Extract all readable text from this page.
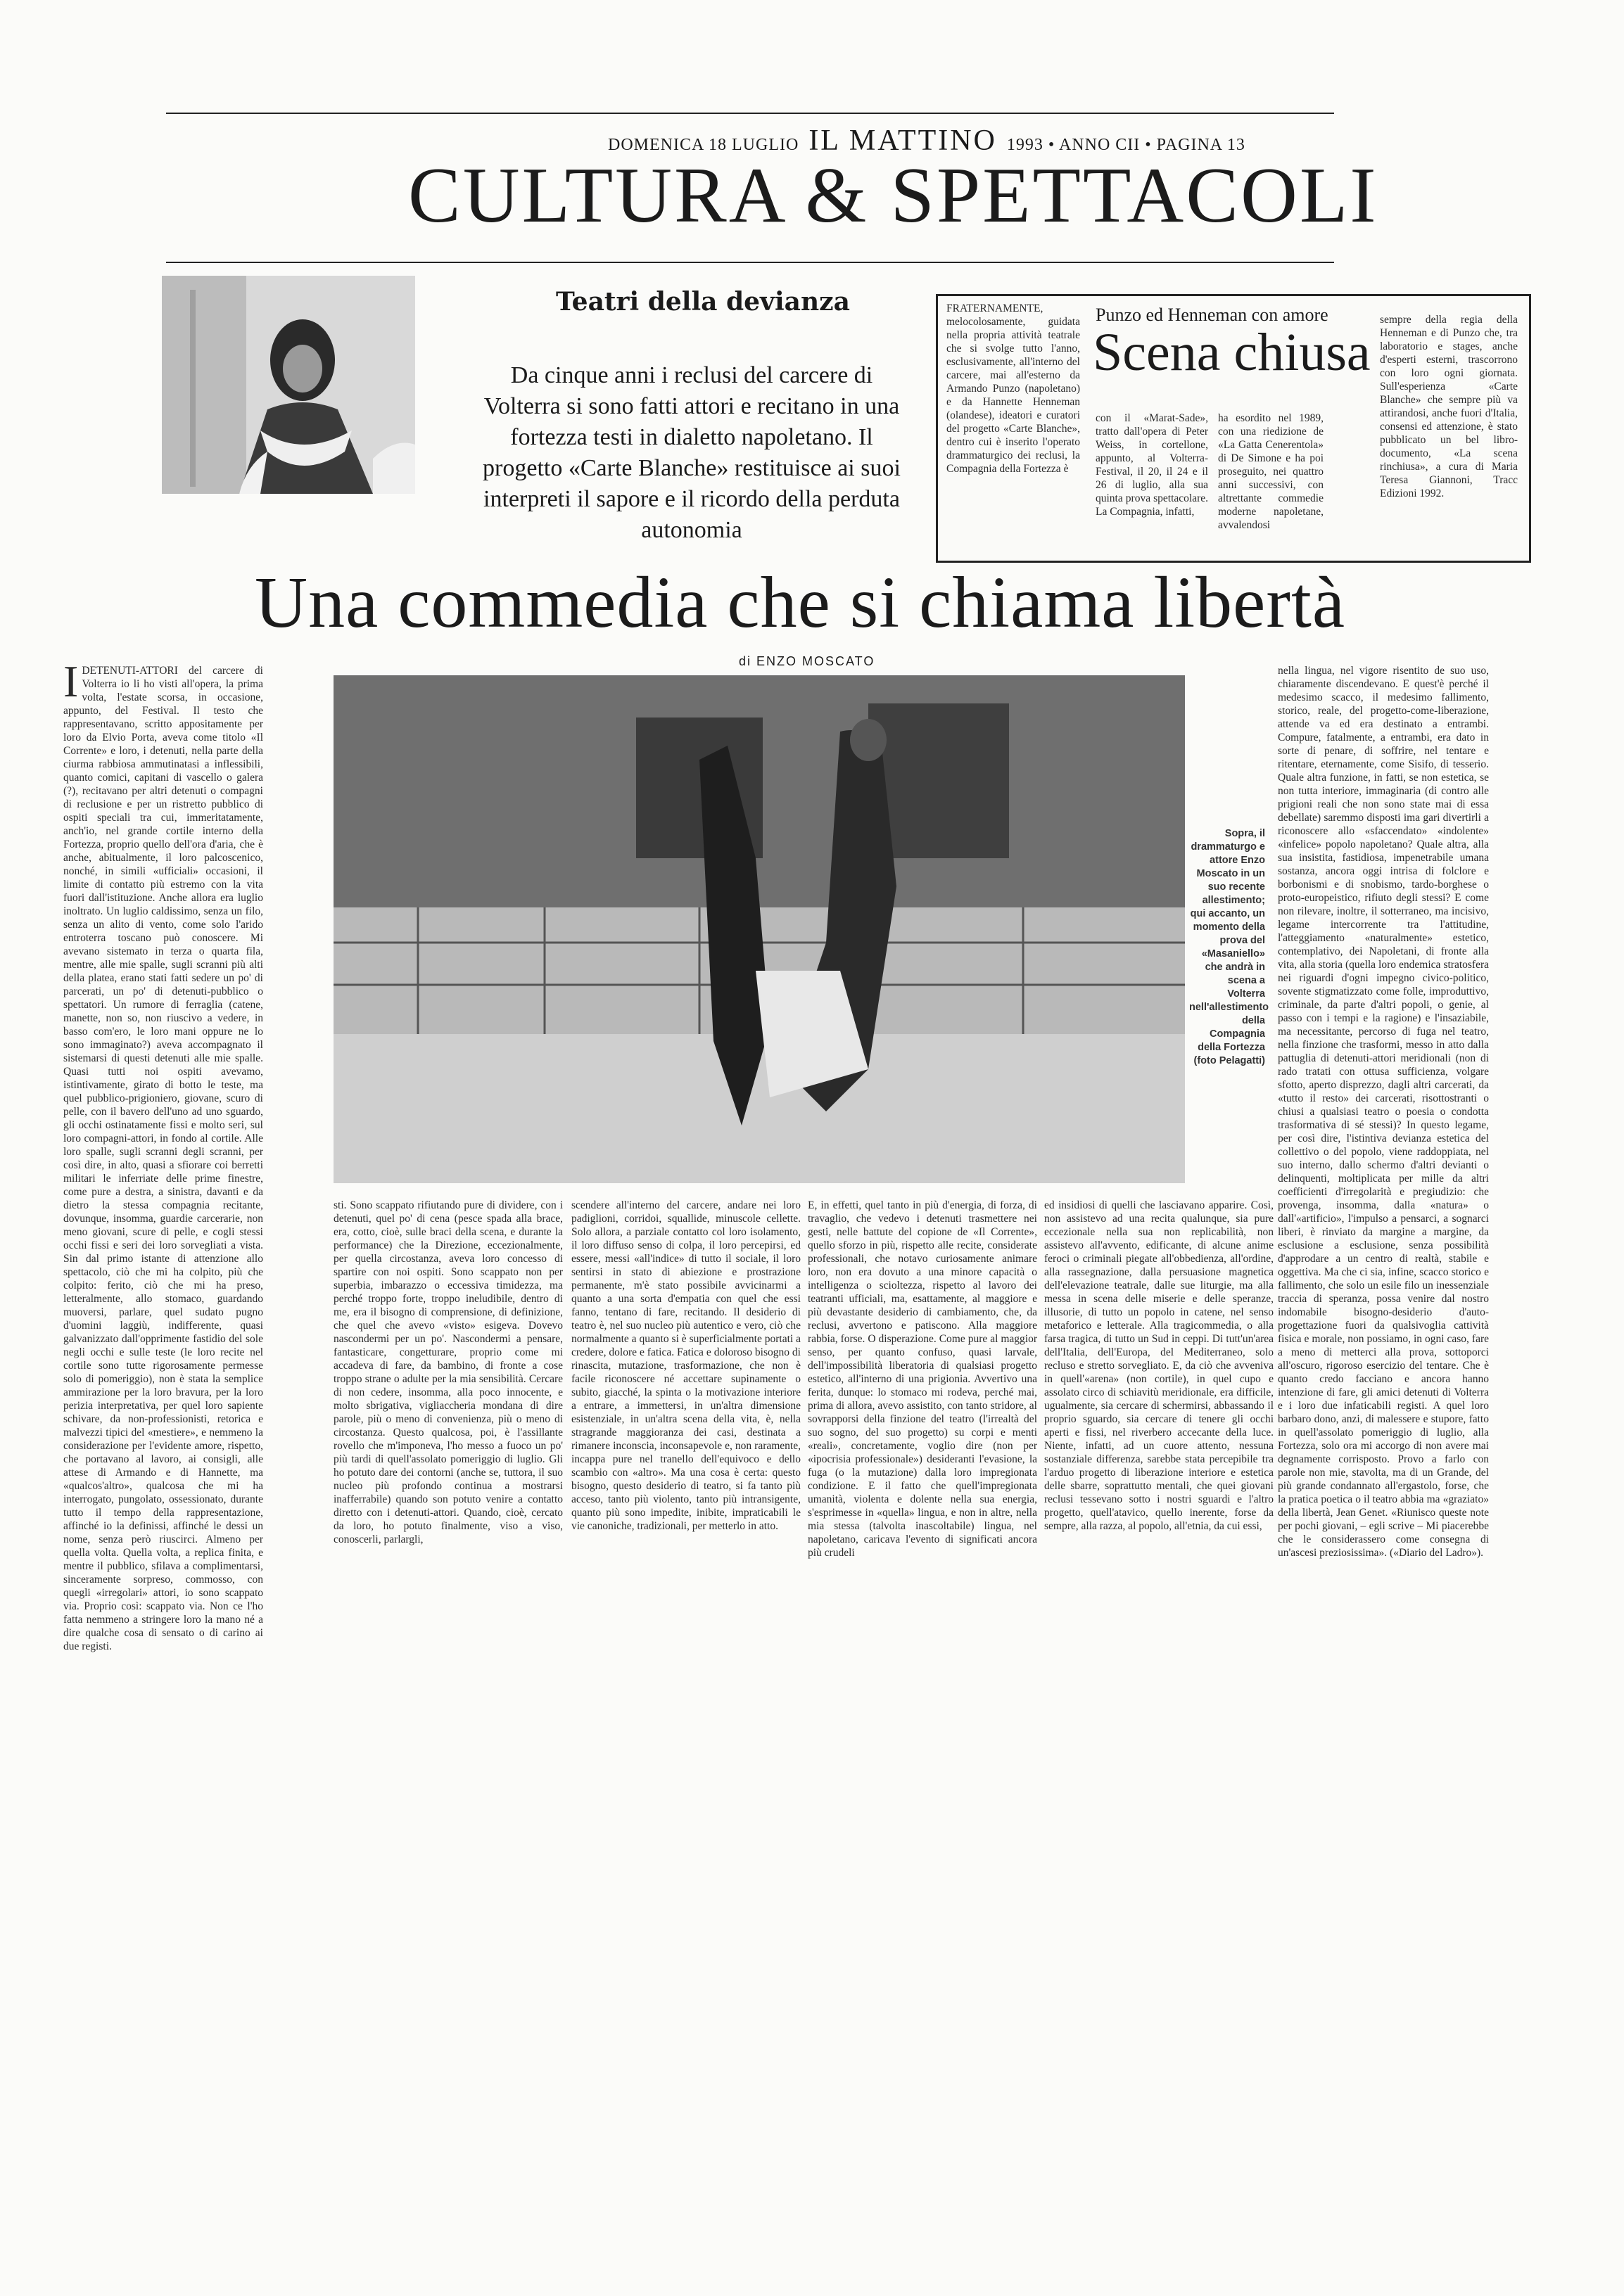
DOMENICA 18 LUGLIO IL MATTINO 1993 • ANNO CII • PAGINA 13
CULTURA & SPETTACOLI
Teatri della devianza
Da cinque anni i reclusi del carcere di Volterra si sono fatti attori e recitano in una fortezza testi in dialetto napoletano. Il progetto «Carte Blanche» restituisce ai suoi interpreti il sapore e il ricordo della perduta autonomia
FRATERNAMENTE, melocolosamente, guidata nella propria attività teatrale che si svolge tutto l'anno, esclusivamente, all'interno del carcere, mai all'esterno da Armando Punzo (napoletano) e da Hannette Henneman (olandese), ideatori e curatori del progetto «Carte Blanche», dentro cui è inserito l'operato drammaturgico dei reclusi, la Compagnia della Fortezza è
Punzo ed Henneman con amore
Scena chiusa
con il «Marat-Sade», tratto dall'opera di Peter Weiss, in cortellone, appunto, al Volterra-Festival, il 20, il 24 e il 26 di luglio, alla sua quinta prova spettacolare. La Compagnia, infatti,
ha esordito nel 1989, con una riedizione de «La Gatta Cenerentola» di De Simone e ha poi proseguito, nei quattro anni successivi, con altrettante commedie moderne napoletane, avvalendosi
sempre della regia della Henneman e di Punzo che, tra laboratorio e stages, anche d'esperti esterni, trascorrono con loro ogni giornata. Sull'esperienza «Carte Blanche» che sempre più va attirandosi, anche fuori d'Italia, consensi ed attenzione, è stato pubblicato un bel libro-documento, «La scena rinchiusa», a cura di Maria Teresa Giannoni, Tracc Edizioni 1992.
Una commedia che si chiama libertà
di ENZO MOSCATO
Sopra, il drammaturgo e attore Enzo Moscato in un suo recente allestimento; qui accanto, un momento della prova del «Masaniello» che andrà in scena a Volterra nell'allestimento della Compagnia della Fortezza (foto Pelagatti)
IDETENUTI-ATTORI del carcere di Volterra io li ho visti all'opera, la prima volta, l'estate scorsa, in occasione, appunto, del Festival. Il testo che rappresentavano, scritto appositamente per loro da Elvio Porta, aveva come titolo «Il Corrente» e loro, i detenuti, nella parte della ciurma rabbiosa ammutinatasi a inflessibili, quanto comici, capitani di vascello o galera (?), recitavano per altri detenuti o compagni di reclusione e per un ristretto pubblico di ospiti speciali tra cui, immeritatamente, anch'io, nel grande cortile interno della Fortezza, proprio quello dell'ora d'aria, che è anche, abitualmente, il loro palcoscenico, nonché, in simili «ufficiali» occasioni, il limite di contatto più estremo con la vita fuori dall'istituzione. Anche allora era luglio inoltrato. Un luglio caldissimo, senza un filo, senza un alito di vento, come solo l'arido entroterra toscano può conoscere. Mi avevano sistemato in terza o quarta fila, mentre, alle mie spalle, sugli scranni più alti della platea, erano stati fatti sedere un po' di parcerati, un po' di detenuti-pubblico o spettatori. Un rumore di ferraglia (catene, manette, non so, non riuscivo a vedere, in basso com'ero, le loro mani oppure ne lo sono immaginato?) aveva accompagnato il sistemarsi di questi detenuti alle mie spalle. Quasi tutti noi ospiti avevamo, istintivamente, girato di botto le teste, ma quel pubblico-prigioniero, giovane, scuro di pelle, con il bavero dell'uno ad uno sguardo, gli occhi ostinatamente fissi e molto seri, sul loro compagni-attori, in fondo al cortile. Alle loro spalle, sugli scranni degli scranni, per così dire, in alto, quasi a sfiorare coi berretti militari le inferriate delle prime finestre, come pure a destra, a sinistra, davanti e da dietro la stessa compagnia recitante, dovunque, insomma, guardie carcerarie, non meno giovani, scure di pelle, e cogli stessi occhi fissi e seri dei loro sorvegliati a vista. Sin dal primo istante di attenzione allo spettacolo, ciò che mi ha colpito, più che colpito: ferito, ciò che mi ha preso, letteralmente, allo stomaco, guardando muoversi, parlare, quel sudato pugno d'uomini laggiù, indifferente, quasi galvanizzato dall'opprimente fastidio del sole negli occhi e sulle teste (le loro recite nel cortile sono tutte rigorosamente permesse solo di pomeriggio), non è stata la semplice ammirazione per la loro bravura, per la loro perizia interpretativa, per quel loro sapiente schivare, da non-professionisti, retorica e malvezzi tipici del «mestiere», e nemmeno la considerazione per l'evidente amore, rispetto, che portavano al lavoro, ai consigli, alle attese di Armando e di Hannette, ma «qualcos'altro», qualcosa che mi ha interrogato, pungolato, ossessionato, durante tutto il tempo della rappresentazione, affinché io la definissi, affinché le dessi un nome, senza però riuscirci. Almeno per quella volta. Quella volta, a replica finita, e mentre il pubblico, sfilava a complimentarsi, sinceramente sorpreso, commosso, con quegli «irregolari» attori, io sono scappato via. Proprio così: scappato via. Non ce l'ho fatta nemmeno a stringere loro la mano né a dire qualche cosa di sensato o di carino ai due registi.
sti. Sono scappato rifiutando pure di dividere, con i detenuti, quel po' di cena (pesce spada alla brace, era, cotto, cioè, sulle braci della scena, e durante la performance) che la Direzione, eccezionalmente, per quella circostanza, aveva loro concesso di spartire con noi ospiti. Sono scappato non per superbia, imbarazzo o eccessiva timidezza, ma perché troppo forte, troppo ineludibile, dentro di me, era il bisogno di comprensione, di definizione, che quel che avevo «visto» esigeva. Dovevo nascondermi per un po'. Nascondermi a pensare, fantasticare, congetturare, proprio come mi accadeva di fare, da bambino, di fronte a cose troppo strane o adulte per la mia sensibilità. Cercare di non cedere, insomma, alla poco innocente, e molto sbrigativa, vigliaccheria mondana di dire parole, più o meno di convenienza, più o meno di circostanza. Questo qualcosa, poi, è l'assillante rovello che m'imponeva, l'ho messo a fuoco un po' più tardi di quell'assolato pomeriggio di luglio. Gli ho potuto dare dei contorni (anche se, tuttora, il suo nucleo più profondo continua a mostrarsi inafferrabile) quando son potuto venire a contatto diretto con i detenuti-attori. Quando, cioè, cercato da loro, ho potuto finalmente, viso a viso, conoscerli, parlargli,
scendere all'interno del carcere, andare nei loro padiglioni, corridoi, squallide, minuscole cellette. Solo allora, a parziale contatto col loro isolamento, il loro diffuso senso di colpa, il loro percepirsi, ed essere, messi «all'indice» di tutto il sociale, il loro sentirsi in stato di abiezione e prostrazione permanente, m'è stato possibile avvicinarmi a quanto a una sorta d'empatia con quel che essi fanno, tentano di fare, recitando. Il desiderio di teatro è, nel suo nucleo più autentico e vero, ciò che normalmente a quanto si è superficialmente portati a credere, dolore e fatica. Fatica e doloroso bisogno di rinascita, mutazione, trasformazione, che non è facile riconoscere né accettare supinamente o subito, giacché, la spinta o la motivazione interiore a entrare, a immettersi, in un'altra dimensione esistenziale, in un'altra scena della vita, è, nella stragrande maggioranza dei casi, destinata a rimanere inconscia, inconsapevole e, non raramente, incappa pure nel tranello dell'equivoco e dello scambio con «altro». Ma una cosa è certa: questo bisogno, questo desiderio di teatro, si fa tanto più acceso, tanto più violento, tanto più intransigente, quanto più sono impedite, inibite, impraticabili le vie canoniche, tradizionali, per metterlo in atto.
E, in effetti, quel tanto in più d'energia, di forza, di travaglio, che vedevo i detenuti trasmettere nei gesti, nelle battute del copione de «Il Corrente», quello sforzo in più, rispetto alle recite, considerate professionali, che notavo curiosamente animare loro, non era dovuto a una minore capacità o intelligenza o scioltezza, rispetto al lavoro dei teatranti ufficiali, ma, esattamente, al maggiore e più devastante desiderio di cambiamento, che, da reclusi, avvertono e patiscono. Alla maggiore rabbia, forse. O disperazione. Come pure al maggior senso, per quanto confuso, quasi larvale, dell'impossibilità liberatoria di qualsiasi progetto estetico, all'interno di una prigionia. Avvertivo una ferita, dunque: lo stomaco mi rodeva, perché mai, prima di allora, avevo assistito, con tanto stridore, al sovrapporsi della finzione del teatro (l'irrealtà del suo sogno, del suo progetto) su corpi e menti «reali», concretamente, voglio dire (non per «ipocrisia professionale») desideranti l'evasione, la fuga (o la mutazione) dalla loro impregionata condizione. E il fatto che quell'impregionata umanità, violenta e dolente nella sua energia, s'esprimesse in «quella» lingua, e non in altre, nella mia stessa (talvolta inascoltabile) lingua, nel napoletano, caricava l'evento di significati ancora più crudeli
ed insidiosi di quelli che lasciavano apparire. Così, non assistevo ad una recita qualunque, sia pure eccezionale nella sua non replicabilità, non assistevo all'avvento, edificante, di alcune anime feroci o criminali piegate all'obbedienza, all'ordine, alla rassegnazione, dalla persuasione magnetica dell'elevazione teatrale, dalle sue liturgie, ma alla messa in scena delle miserie e delle speranze, illusorie, di tutto un popolo in catene, nel senso metaforico e letterale. Alla tragicommedia, o alla farsa tragica, di tutto un Sud in ceppi. Di tutt'un'area dell'Italia, dell'Europa, del Mediterraneo, solo recluso e stretto sorvegliato. E, da ciò che avveniva in quell'«arena» (non cortile), in quel cupo e assolato circo di schiavitù meridionale, era difficile, ugualmente, sia cercare di schermirsi, abbassando il proprio sguardo, sia cercare di tenere gli occhi aperti e fissi, nel riverbero accecante della luce. Niente, infatti, ad un cuore attento, nessuna sostanziale differenza, sarebbe stata percepibile tra l'arduo progetto di liberazione interiore e estetica delle sbarre, soprattutto mentali, che quei giovani reclusi tessevano sotto i nostri sguardi e l'altro progetto, quell'atavico, quello inerente, forse da sempre, alla razza, al popolo, all'etnia, da cui essi,
nella lingua, nel vigore risentito de suo uso, chiaramente discendevano. E quest'è perché il medesimo scacco, il medesimo fallimento, storico, reale, del progetto-come-liberazione, attende va ed era destinato a entrambi. Compure, fatalmente, a entrambi, era dato in sorte di penare, di soffrire, nel tentare e ritentare, eternamente, come Sisifo, di tesserio. Quale altra funzione, in fatti, se non estetica, se non tutta interiore, immaginaria (di contro alle prigioni reali che non sono state mai di essa debellate) saremmo disposti ima gari divertirli a riconoscere allo «sfaccendato» «indolente» «infelice» popolo napoletano? Quale altra, alla sua insistita, fastidiosa, impenetrabile umana sostanza, ancora oggi intrisa di folclore e borbonismi e di snobismo, tardo-borghese o proto-europeistico, rifiuto degli stessi? E come non rilevare, inoltre, il sotterraneo, ma incisivo, legame intercorrente tra l'attitudine, l'atteggiamento «naturalmente» estetico, contemplativo, dei Napoletani, di fronte alla vita, alla storia (quella loro endemica stratosfera nei riguardi d'ogni impegno civico-politico, sovente stigmatizzato come folle, improduttivo, criminale, da parte d'altri popoli, o genie, al passo con i tempi e la ragione) e l'insaziabile, ma necessitante, percorso di fuga nel teatro, nella finzione che trasformi, messo in atto dalla pattuglia di detenuti-attori meridionali (non di rado tratati con ottusa sufficienza, volgare sfotto, aperto disprezzo, dagli altri carcerati, da «tutto il resto» dei carcerati, risottostranti o chiusi a qualsiasi teatro o poesia o condotta trasformativa di sé stessi)? In questo legame, per così dire, l'istintiva devianza estetica del collettivo o del popolo, viene raddoppiata, nel suo interno, dallo schermo d'altri devianti o delinquenti, moltiplicata per mille da altri coefficienti d'irregolarità e pregiudizio: che provenga, insomma, dalla «natura» o dall'«artificio», l'impulso a pensarci, a sognarci liberi, è rinviato da margine a margine, da esclusione a esclusione, senza possibilità d'approdare a un centro di realtà, stabile e oggettiva. Ma che ci sia, infine, scacco storico e fallimento, che solo un esile filo un inessenziale traccia di speranza, possa venire dal nostro indomabile bisogno-desiderio d'auto-progettazione fuori da qualsivoglia cattività fisica e morale, non possiamo, in ogni caso, fare a meno di metterci alla prova, sottoporci all'oscuro, rigoroso esercizio del tentare. Che è quanto credo facciano e ancora hanno intenzione di fare, gli amici detenuti di Volterra e i loro due infaticabili registi. A quel loro barbaro dono, anzi, di malessere e stupore, fatto in quell'assolato pomeriggio di luglio, alla Fortezza, solo ora mi accorgo di non avere mai degnamente corrisposto. Provo a farlo con parole non mie, stavolta, ma di un Grande, del più grande condannato all'ergastolo, forse, che la pratica poetica o il teatro abbia ma «graziato» della libertà, Jean Genet. «Riunisco queste note per pochi giovani, – egli scrive – Mi piacerebbe che le considerassero come consegna di un'ascesi preziosissima». («Diario del Ladro»).
